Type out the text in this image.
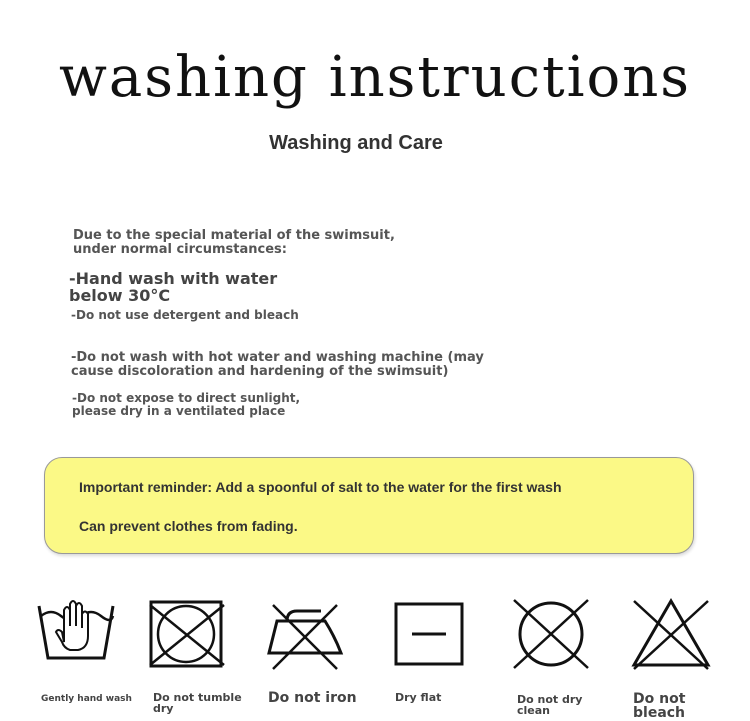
washing instructions
Washing and Care
Due to the special material of the swimsuit,
under normal circumstances:
-Hand wash with water
below 30°C
-Do not use detergent and bleach
-Do not wash with hot water and washing machine (may
cause discoloration and hardening of the swimsuit)
-Do not expose to direct sunlight,
please dry in a ventilated place
Important reminder: Add a spoonful of salt to the water for the first wash
Can prevent clothes from fading.
Gently hand wash Do not tumble
dry
Do not iron	Dry flat	Do not dry
clean
Do not
bleach
